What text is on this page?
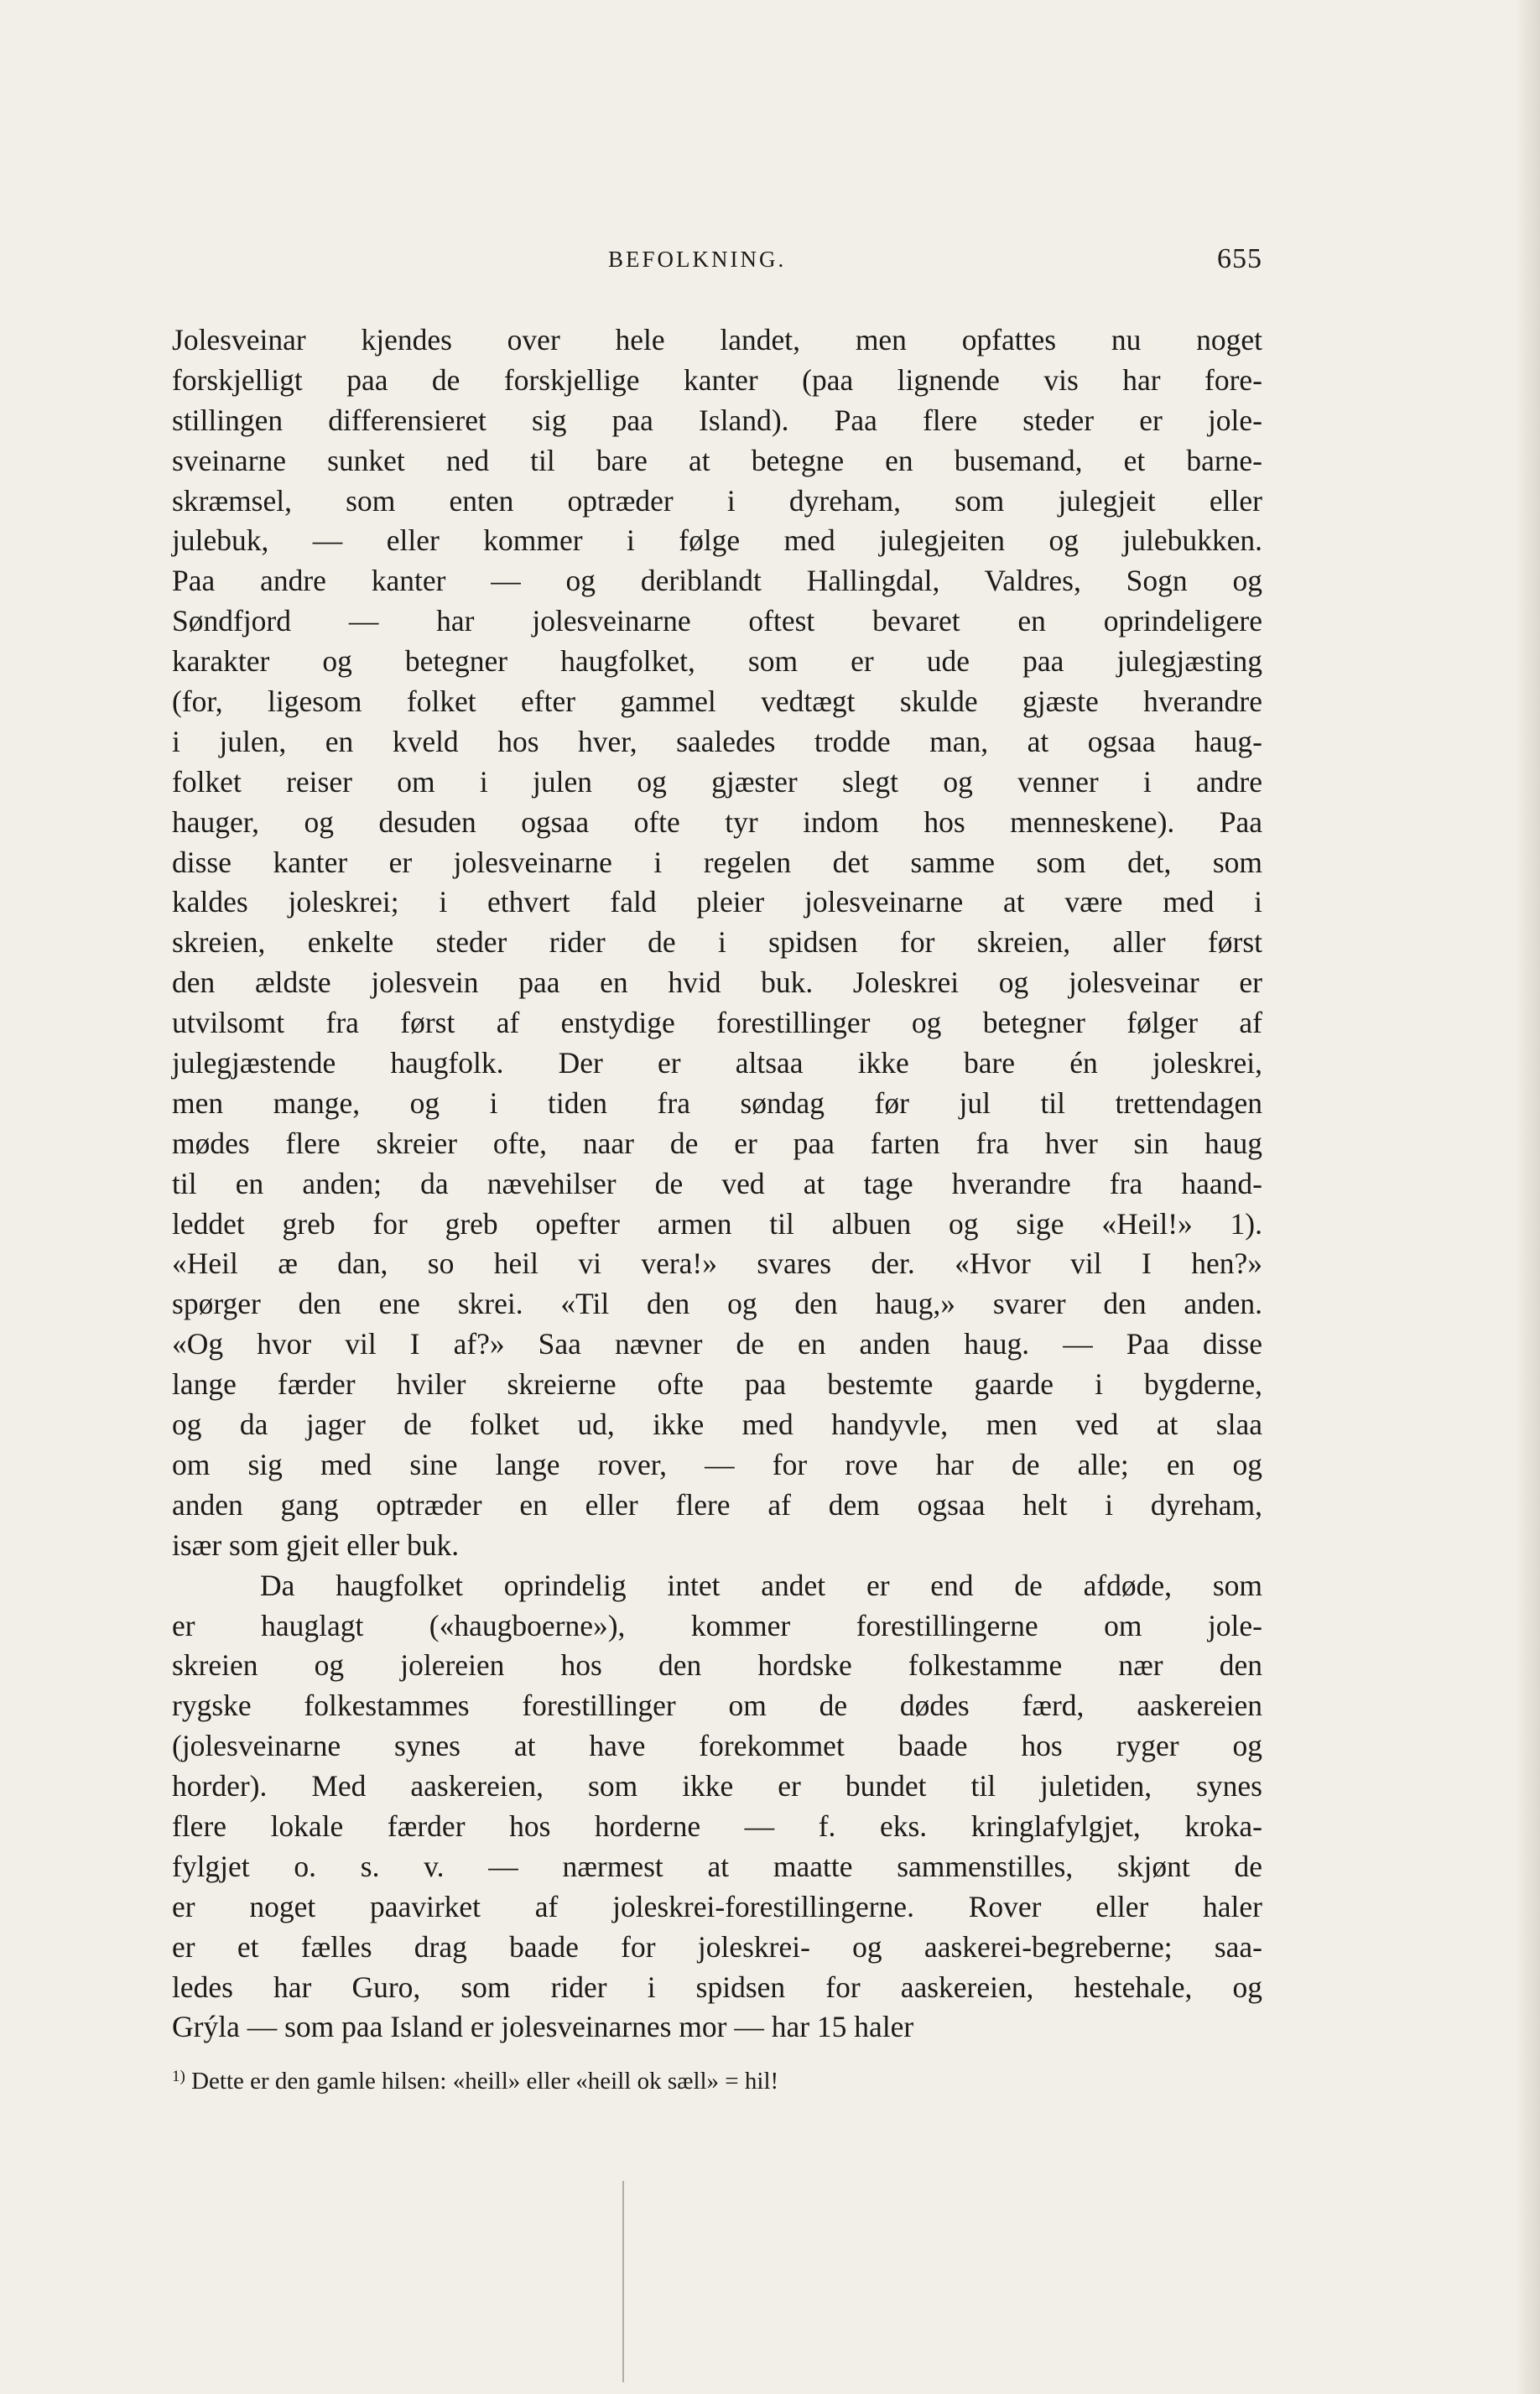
BEFOLKNING.	655
Jolesveinar kjendes over hele landet, men opfattes nu noget
forskjelligt paa de forskjellige kanter (paa lignende vis har fore-
stillingen differensieret sig paa Island). Paa flere steder er jole-
sveinarne sunket ned til bare at betegne en busemand, et barne-
skræmsel, som enten optræder i dyreham, som julegjeit eller
julebuk, — eller kommer i følge med julegjeiten og julebukken.
Paa andre kanter — og deriblandt Hallingdal, Valdres, Sogn og
Søndfjord — har jolesveinarne oftest bevaret en oprindeligere
karakter og betegner haugfolket, som er ude paa julegjæsting
(for, ligesom folket efter gammel vedtægt skulde gjæste hverandre
i julen, en kveld hos hver, saaledes trodde man, at ogsaa haug-
folket reiser om i julen og gjæster slegt og venner i andre
hauger, og desuden ogsaa ofte tyr indom hos menneskene). Paa
disse kanter er jolesveinarne i regelen det samme som det, som
kaldes joleskrei; i ethvert fald pleier jolesveinarne at være med i
skreien, enkelte steder rider de i spidsen for skreien, aller først
den ældste jolesvein paa en hvid buk. Joleskrei og jolesveinar er
utvilsomt fra først af enstydige forestillinger og betegner følger af
julegjæstende haugfolk. Der er altsaa ikke bare én joleskrei,
men mange, og i tiden fra søndag før jul til trettendagen
mødes flere skreier ofte, naar de er paa farten fra hver sin haug
til en anden; da nævehilser de ved at tage hverandre fra haand-
leddet greb for greb opefter armen til albuen og sige «Heil!» 1).
«Heil æ dan, so heil vi vera!» svares der. «Hvor vil I hen?»
spørger den ene skrei. «Til den og den haug,» svarer den anden.
«Og hvor vil I af?» Saa nævner de en anden haug. — Paa disse
lange færder hviler skreierne ofte paa bestemte gaarde i bygderne,
og da jager de folket ud, ikke med handyvle, men ved at slaa
om sig med sine lange rover, — for rove har de alle; en og
anden gang optræder en eller flere af dem ogsaa helt i dyreham,
især som gjeit eller buk.
Da haugfolket oprindelig intet andet er end de afdøde, som
er hauglagt («haugboerne»), kommer forestillingerne om jole-
skreien og jolereien hos den hordske folkestamme nær den
rygske folkestammes forestillinger om de dødes færd, aaskereien
(jolesveinarne synes at have forekommet baade hos ryger og
horder). Med aaskereien, som ikke er bundet til juletiden, synes
flere lokale færder hos horderne — f. eks. kringlafylgjet, kroka-
fylgjet o. s. v. — nærmest at maatte sammenstilles, skjønt de
er noget paavirket af joleskrei-forestillingerne. Rover eller haler
er et fælles drag baade for joleskrei- og aaskerei-begreberne; saa-
ledes har Guro, som rider i spidsen for aaskereien, hestehale, og
Grýla — som paa Island er jolesveinarnes mor — har 15 haler
$^{1)}$ Dette er den gamle hilsen: «heill» eller «heill ok sæll» = hil!
